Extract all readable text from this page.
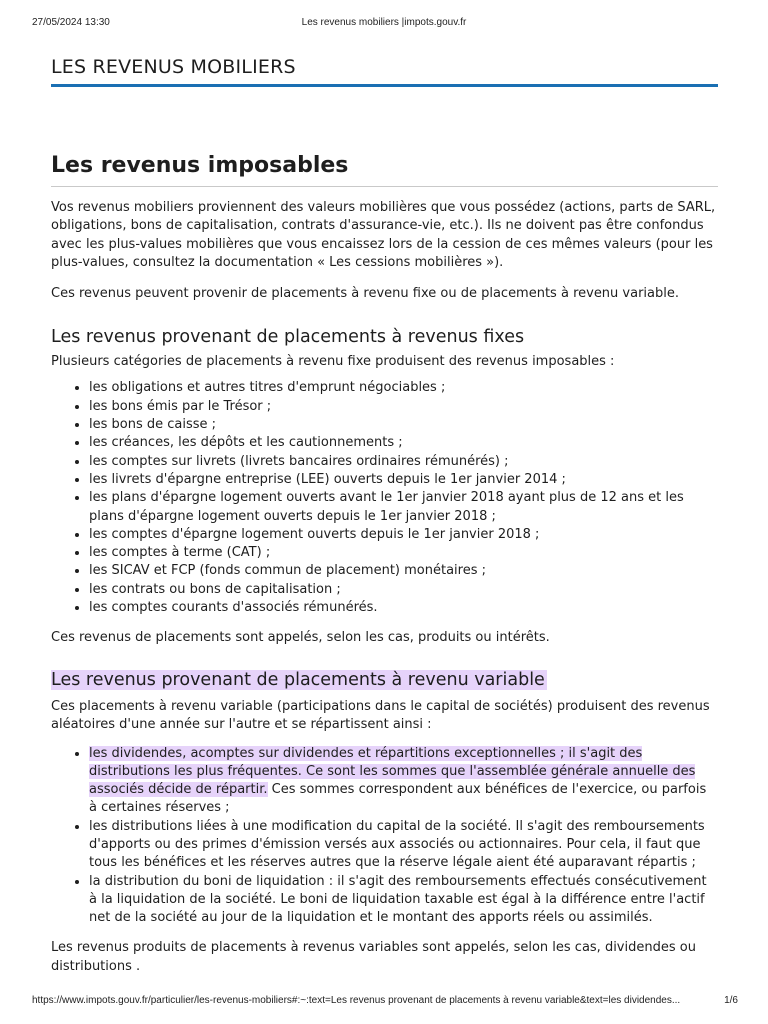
27/05/2024 13:30	Les revenus mobiliers |impots.gouv.fr
LES REVENUS MOBILIERS
Les revenus imposables

Vos revenus mobiliers proviennent des valeurs mobilières que vous possédez (actions, parts de SARL, obligations, bons de capitalisation, contrats d'assurance-vie, etc.). Ils ne doivent pas être confondus avec les plus-values mobilières que vous encaissez lors de la cession de ces mêmes valeurs (pour les plus-values, consultez la documentation « Les cessions mobilières »).

Ces revenus peuvent provenir de placements à revenu fixe ou de placements à revenu variable.

Les revenus provenant de placements à revenus fixes

Plusieurs catégories de placements à revenu fixe produisent des revenus imposables :

• les obligations et autres titres d'emprunt négociables ;
• les bons émis par le Trésor ;
• les bons de caisse ;
• les créances, les dépôts et les cautionnements ;
• les comptes sur livrets (livrets bancaires ordinaires rémunérés) ;
• les livrets d'épargne entreprise (LEE) ouverts depuis le 1er janvier 2014 ;
• les plans d'épargne logement ouverts avant le 1er janvier 2018 ayant plus de 12 ans et les plans d'épargne logement ouverts depuis le 1er janvier 2018 ;
• les comptes d'épargne logement ouverts depuis le 1er janvier 2018 ;
• les comptes à terme (CAT) ;
• les SICAV et FCP (fonds commun de placement) monétaires ;
• les contrats ou bons de capitalisation ;
• les comptes courants d'associés rémunérés.

Ces revenus de placements sont appelés, selon les cas, produits ou intérêts.

Les revenus provenant de placements à revenu variable

Ces placements à revenu variable (participations dans le capital de sociétés) produisent des revenus aléatoires d'une année sur l'autre et se répartissent ainsi :

• les dividendes, acomptes sur dividendes et répartitions exceptionnelles ; il s'agit des distributions les plus fréquentes. Ce sont les sommes que l'assemblée générale annuelle des associés décide de répartir. Ces sommes correspondent aux bénéfices de l'exercice, ou parfois à certaines réserves ;
• les distributions liées à une modification du capital de la société. Il s'agit des remboursements d'apports ou des primes d'émission versés aux associés ou actionnaires. Pour cela, il faut que tous les bénéfices et les réserves autres que la réserve légale aient été auparavant répartis ;
• la distribution du boni de liquidation : il s'agit des remboursements effectués consécutivement à la liquidation de la société. Le boni de liquidation taxable est égal à la différence entre l'actif net de la société au jour de la liquidation et le montant des apports réels ou assimilés.

Les revenus produits de placements à revenus variables sont appelés, selon les cas, dividendes ou distributions .

https://www.impots.gouv.fr/particulier/les-revenus-mobiliers#:~:text=Les revenus provenant de placements à revenu variable&text=les dividendes...	1/6
